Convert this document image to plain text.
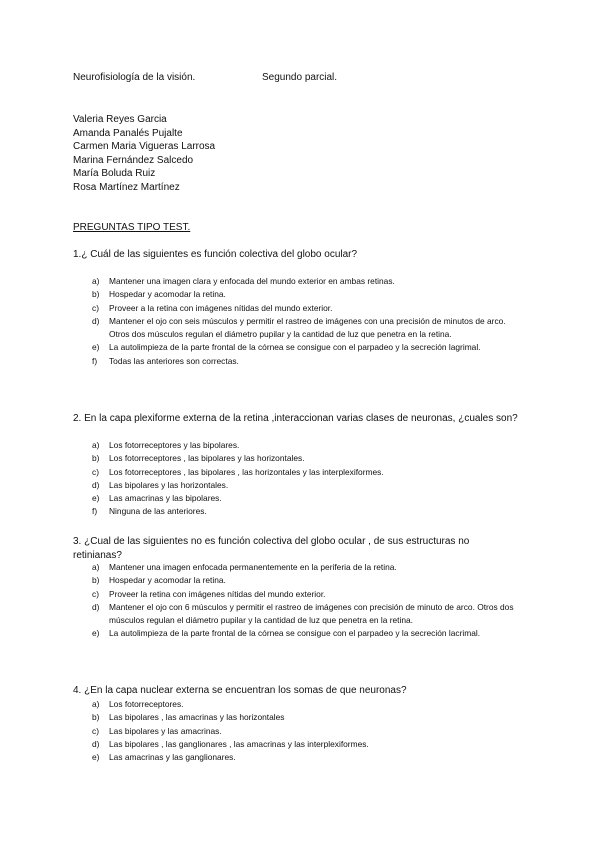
Neurofisiología de la visión.	Segundo parcial.
Valeria Reyes Garcia
Amanda Panalés Pujalte
Carmen Maria Vigueras Larrosa
Marina Fernández Salcedo
María Boluda Ruiz
Rosa Martínez Martínez
PREGUNTAS TIPO TEST.
1.¿ Cuál de las siguientes es función colectiva del globo ocular?
a) Mantener una imagen clara y enfocada del mundo exterior en ambas retinas.
b) Hospedar y acomodar la retina.
c) Proveer a la retina con imágenes nítidas del mundo exterior.
d) Mantener el ojo con seis músculos y permitir el rastreo de imágenes con una precisión de minutos de arco. Otros dos músculos regulan el diámetro pupilar y la cantidad de luz que penetra en la retina.
e) La autolimpieza de la parte frontal de la córnea se consigue con el parpadeo y la secreción lagrimal.
f) Todas las anteriores son correctas.
2. En la capa plexiforme externa de la retina ,interaccionan varias clases de neuronas, ¿cuales son?
a) Los fotorreceptores y las bipolares.
b) Los fotorreceptores , las bipolares y las horizontales.
c) Los fotorreceptores , las bipolares , las horizontales y las interplexiformes.
d) Las bipolares y las horizontales.
e) Las amacrinas y las bipolares.
f) Ninguna de las anteriores.
3. ¿Cual de las siguientes no es función colectiva del globo ocular , de sus estructuras no retinianas?
a) Mantener una imagen enfocada permanentemente en la periferia de la retina.
b) Hospedar y acomodar la retina.
c) Proveer la retina con imágenes nítidas del mundo exterior.
d) Mantener el ojo con 6 músculos y permitir el rastreo de imágenes con precisión de minuto de arco. Otros dos músculos regulan el diámetro pupilar y la cantidad de luz que penetra en la retina.
e) La autolimpieza de la parte frontal de la córnea se consigue con el parpadeo y la secreción lacrimal.
4. ¿En la capa nuclear externa se encuentran los somas de que neuronas?
a) Los fotorreceptores.
b) Las bipolares , las amacrinas y las horizontales
c) Las bipolares y las amacrinas.
d) Las bipolares , las ganglionares , las amacrinas y las interplexiformes.
e) Las amacrinas y las ganglionares.
